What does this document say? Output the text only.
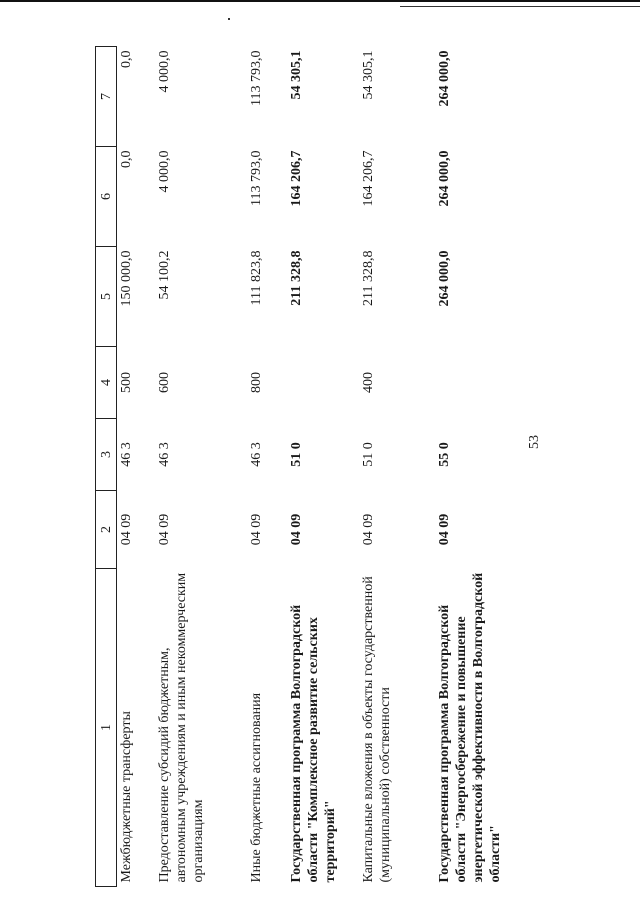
53
1	2	3	4	5	6	7
Межбюджетные трансферты	04 09	46 3	500	150 000,0	0,0	0,0
Предоставление субсидий бюджетным, автономным учреждениям и иным некоммерческим организациям	04 09	46 3	600	54 100,2	4 000,0	4 000,0
Иные бюджетные ассигнования	04 09	46 3	800	111 823,8	113 793,0	113 793,0
Государственная программа Волгоградской области "Комплексное развитие сельских территорий"	04 09	51 0		211 328,8	164 206,7	54 305,1
Капитальные вложения в объекты государственной (муниципальной) собственности	04 09	51 0	400	211 328,8	164 206,7	54 305,1
Государственная программа Волгоградской области "Энергосбережение и повышение энергетической эффективности в Волгоградской области"	04 09	55 0		264 000,0	264 000,0	264 000,0
